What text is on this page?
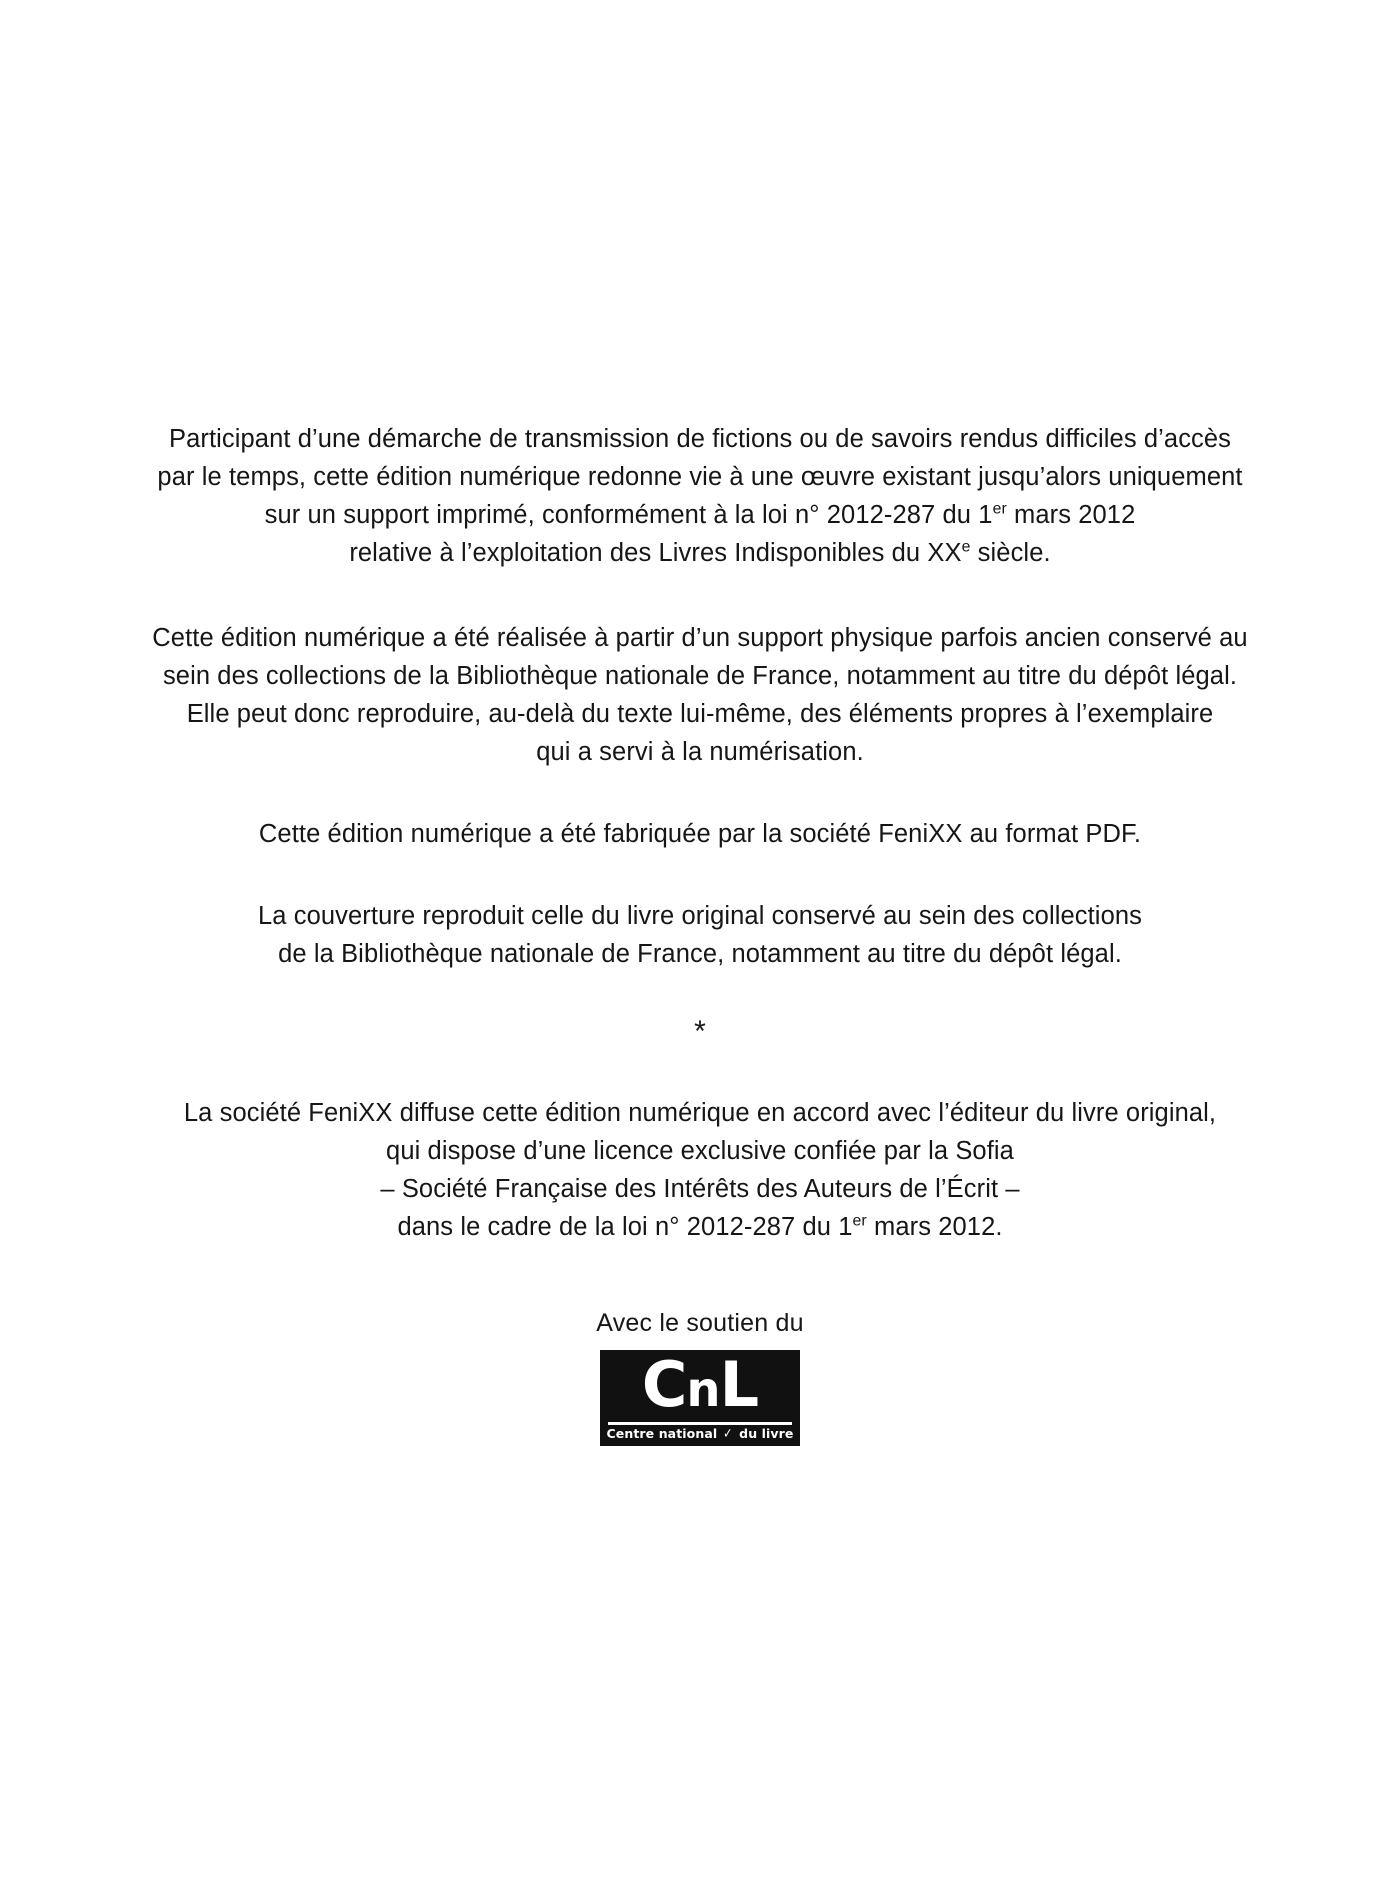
Participant d’une démarche de transmission de fictions ou de savoirs rendus difficiles d’accès
par le temps, cette édition numérique redonne vie à une œuvre existant jusqu’alors uniquement
sur un support imprimé, conformément à la loi n° 2012-287 du 1er mars 2012
relative à l’exploitation des Livres Indisponibles du XXe siècle.
Cette édition numérique a été réalisée à partir d’un support physique parfois ancien conservé au
sein des collections de la Bibliothèque nationale de France, notamment au titre du dépôt légal.
Elle peut donc reproduire, au-delà du texte lui-même, des éléments propres à l’exemplaire
qui a servi à la numérisation.
Cette édition numérique a été fabriquée par la société FeniXX au format PDF.
La couverture reproduit celle du livre original conservé au sein des collections
de la Bibliothèque nationale de France, notamment au titre du dépôt légal.
*
La société FeniXX diffuse cette édition numérique en accord avec l’éditeur du livre original,
qui dispose d’une licence exclusive confiée par la Sofia
– Société Française des Intérêts des Auteurs de l’Écrit –
dans le cadre de la loi n° 2012-287 du 1er mars 2012.
Avec le soutien du
C n L
Centre national ✓ du livre
